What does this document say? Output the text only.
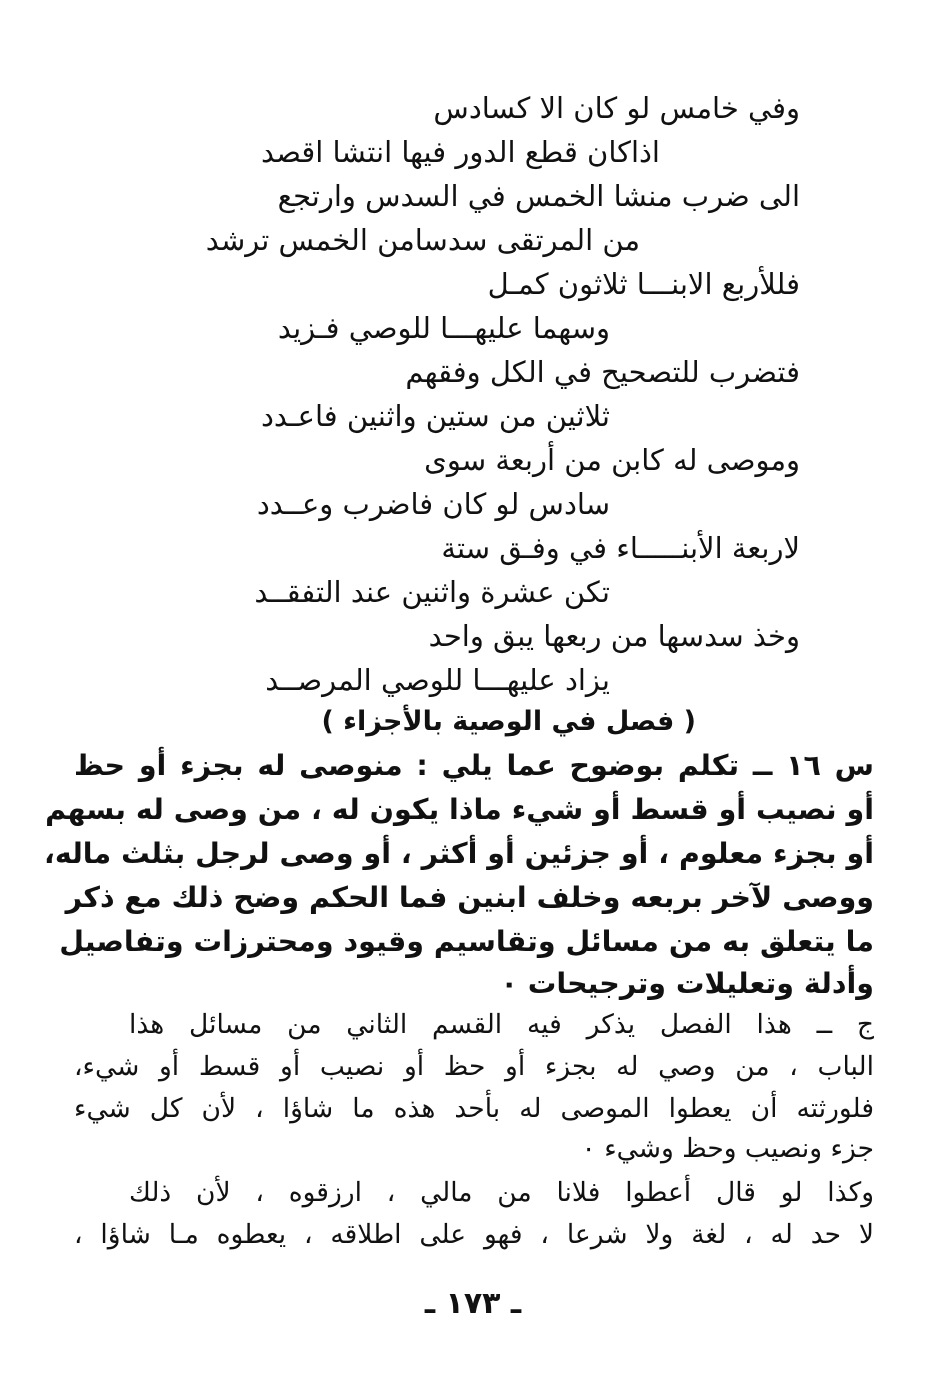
وفي خامس لو كان الا كسادس
اذاكان قطع الدور فيها انتشا اقصد
الى ضرب منشا الخمس في السدس وارتجع
من المرتقى سدسامن الخمس ترشد
فللأربع الابنـــا ثلاثون كمـل
وسهما عليهـــا للوصي فـزيد
فتضرب للتصحيح في الكل وفقهم
ثلاثين من ستين واثنين فاعـدد
وموصى له كابن من أربعة سوى
سادس لو كان فاضرب وعــدد
لاربعة الأبنـــــاء في وفـق ستة
تكن عشرة واثنين عند التفقــد
وخذ سدسها من ربعها يبق واحد
يزاد عليهـــا للوصي المرصــد
( فصل في الوصية بالأجزاء )
س ١٦ ــ تكلم بوضوح عما يلي : منوصى له بجزء أو حظ
أو نصيب أو قسط أو شيء ماذا يكون له ، من وصى له بسهم
أو بجزء معلوم ، أو جزئين أو أكثر ، أو وصى لرجل بثلث ماله،
ووصى لآخر بربعه وخلف ابنين فما الحكم وضح ذلك مع ذكر
ما يتعلق به من مسائل وتقاسيم وقيود ومحترزات وتفاصيل
وأدلة وتعليلات وترجيحات ٠
ج ــ هذا الفصل يذكر فيه القسم الثاني من مسائل هذا
الباب ، من وصي له بجزء أو حظ أو نصيب أو قسط أو شيء،
فلورثته أن يعطوا الموصى له بأحد هذه ما شاؤا ، لأن كل شيء
جزء ونصيب وحظ وشيء ٠
وكذا لو قال أعطوا فلانا من مالي ، ارزقوه ، لأن ذلك
لا حد له ، لغة ولا شرعا ، فهو على اطلاقه ، يعطوه مـا شاؤا ،
ـ ١٧٣ ـ
